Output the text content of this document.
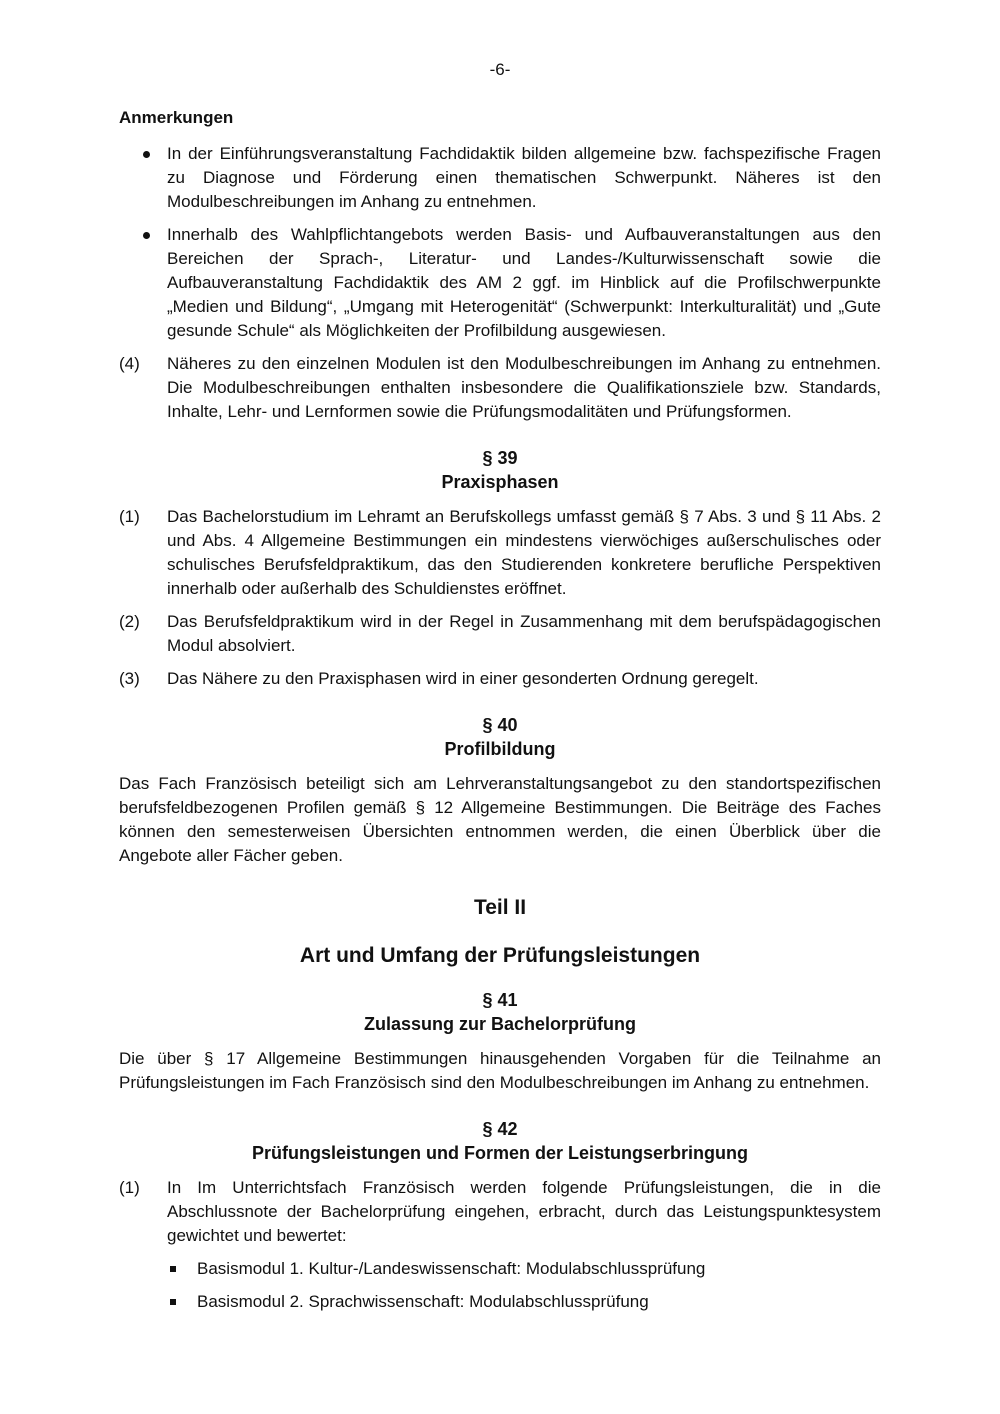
-6-

Anmerkungen

In der Einführungsveranstaltung Fachdidaktik bilden allgemeine bzw. fachspezifische Fragen zu Diagnose und Förderung einen thematischen Schwerpunkt. Näheres ist den Modulbeschreibungen im Anhang zu entnehmen.
Innerhalb des Wahlpflichtangebots werden Basis- und Aufbauveranstaltungen aus den Bereichen der Sprach-, Literatur- und Landes-/Kulturwissenschaft sowie die Aufbauveranstaltung Fachdidaktik des AM 2 ggf. im Hinblick auf die Profilschwerpunkte „Medien und Bildung“, „Umgang mit Heterogenität“ (Schwerpunkt: Interkulturalität) und „Gute gesunde Schule“ als Möglichkeiten der Profilbildung ausgewiesen.
(4)	Näheres zu den einzelnen Modulen ist den Modulbeschreibungen im Anhang zu entnehmen. Die Modulbeschreibungen enthalten insbesondere die Qualifikationsziele bzw. Standards, Inhalte, Lehr- und Lernformen sowie die Prüfungsmodalitäten und Prüfungsformen.

§ 39

Praxisphasen

(1)	Das Bachelorstudium im Lehramt an Berufskollegs umfasst gemäß § 7 Abs. 3 und § 11 Abs. 2 und Abs. 4 Allgemeine Bestimmungen ein mindestens vierwöchiges außerschulisches oder schulisches Berufsfeldpraktikum, das den Studierenden konkretere berufliche Perspektiven innerhalb oder außerhalb des Schuldienstes eröffnet.
(2)	Das Berufsfeldpraktikum wird in der Regel in Zusammenhang mit dem berufspädagogischen Modul absolviert.
(3)	Das Nähere zu den Praxisphasen wird in einer gesonderten Ordnung geregelt.

§ 40

Profilbildung

Das Fach Französisch beteiligt sich am Lehrveranstaltungsangebot zu den standortspezifischen berufsfeldbezogenen Profilen gemäß § 12 Allgemeine Bestimmungen. Die Beiträge des Faches können den semesterweisen Übersichten entnommen werden, die einen Überblick über die Angebote aller Fächer geben.

Teil II

Art und Umfang der Prüfungsleistungen

§ 41

Zulassung zur Bachelorprüfung

Die über § 17 Allgemeine Bestimmungen hinausgehenden Vorgaben für die Teilnahme an Prüfungsleistungen im Fach Französisch sind den Modulbeschreibungen im Anhang zu entnehmen.

§ 42

Prüfungsleistungen und Formen der Leistungserbringung

(1)	In Im Unterrichtsfach Französisch werden folgende Prüfungsleistungen, die in die Abschlussnote der Bachelorprüfung eingehen, erbracht, durch das Leistungspunktesystem gewichtet und bewertet:
Basismodul 1. Kultur-/Landeswissenschaft: Modulabschlussprüfung
Basismodul 2. Sprachwissenschaft: Modulabschlussprüfung
